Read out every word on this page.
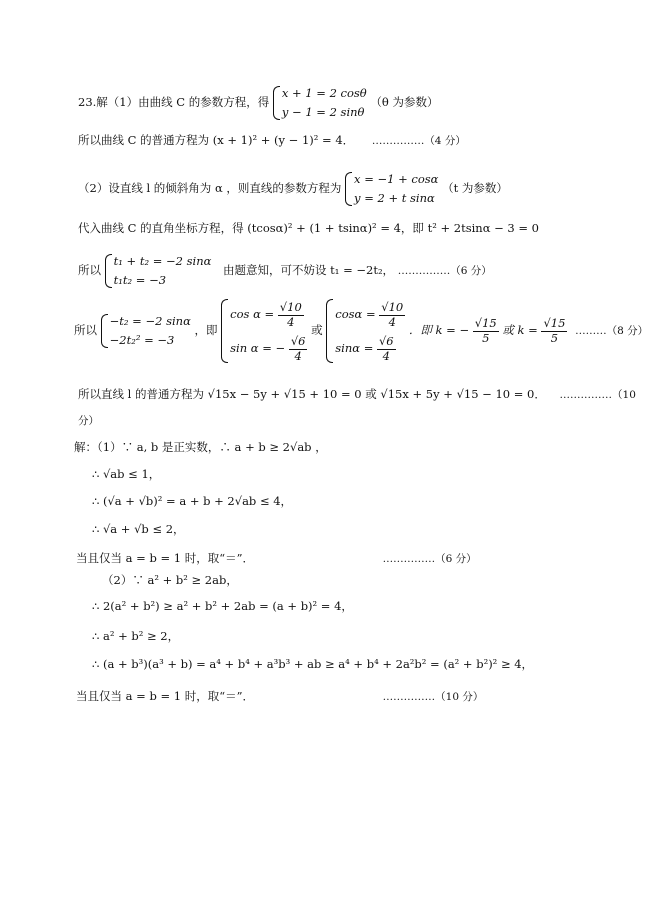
23.解（1）由曲线 C 的参数方程，得
x + 1 = 2 cosθ
y − 1 = 2 sinθ
（θ 为参数）
所以曲线 C 的普通方程为 (x + 1)² + (y − 1)² = 4． ……………（4 分）
（2）设直线 l 的倾斜角为 α ，则直线的参数方程为
x = −1 + cosα
y = 2 + t sinα
（t 为参数）
代入曲线 C 的直角坐标方程，得 (tcosα)² + (1 + tsinα)² = 4，即 t² + 2tsinα − 3 = 0
所以
t₁ + t₂ = −2 sinα
t₁t₂ = −3
由题意知，可不妨设 t₁ = −2t₂， ……………（6 分）
所以
−t₂ = −2 sinα
−2t₂² = −3
，即
$\cos \alpha = \frac{√10}{4}$
sin α = − $\frac{√6}{4}$
或
$\cos\alpha = \frac{√10}{4}$
$\sin\alpha = \frac{√6}{4}$
．即 k = − $\frac{√15}{5}$ 或 $k = \frac{√15}{5}$ ………（8 分）
所以直线 l 的普通方程为 √15x − 5y + √15 + 10 = 0 或 √15x + 5y + √15 − 10 = 0． ……………（10
分）
解：（1）∵ a, b 是正实数，∴ a + b ≥ 2√ab ，
∴ √ab ≤ 1，
∴ (√a + √b)² = a + b + 2√ab ≤ 4，
∴ √a + √b ≤ 2，
当且仅当 a = b = 1 时，取“＝”．	……………（6 分）
（2）∵ a² + b² ≥ 2ab，
∴ 2(a² + b²) ≥ a² + b² + 2ab = (a + b)² = 4，
∴ a² + b² ≥ 2，
∴ (a + b³)(a³ + b) = a⁴ + b⁴ + a³b³ + ab ≥ a⁴ + b⁴ + 2a²b² = (a² + b²)² ≥ 4，
当且仅当 a = b = 1 时，取“＝”．	……………（10 分）
